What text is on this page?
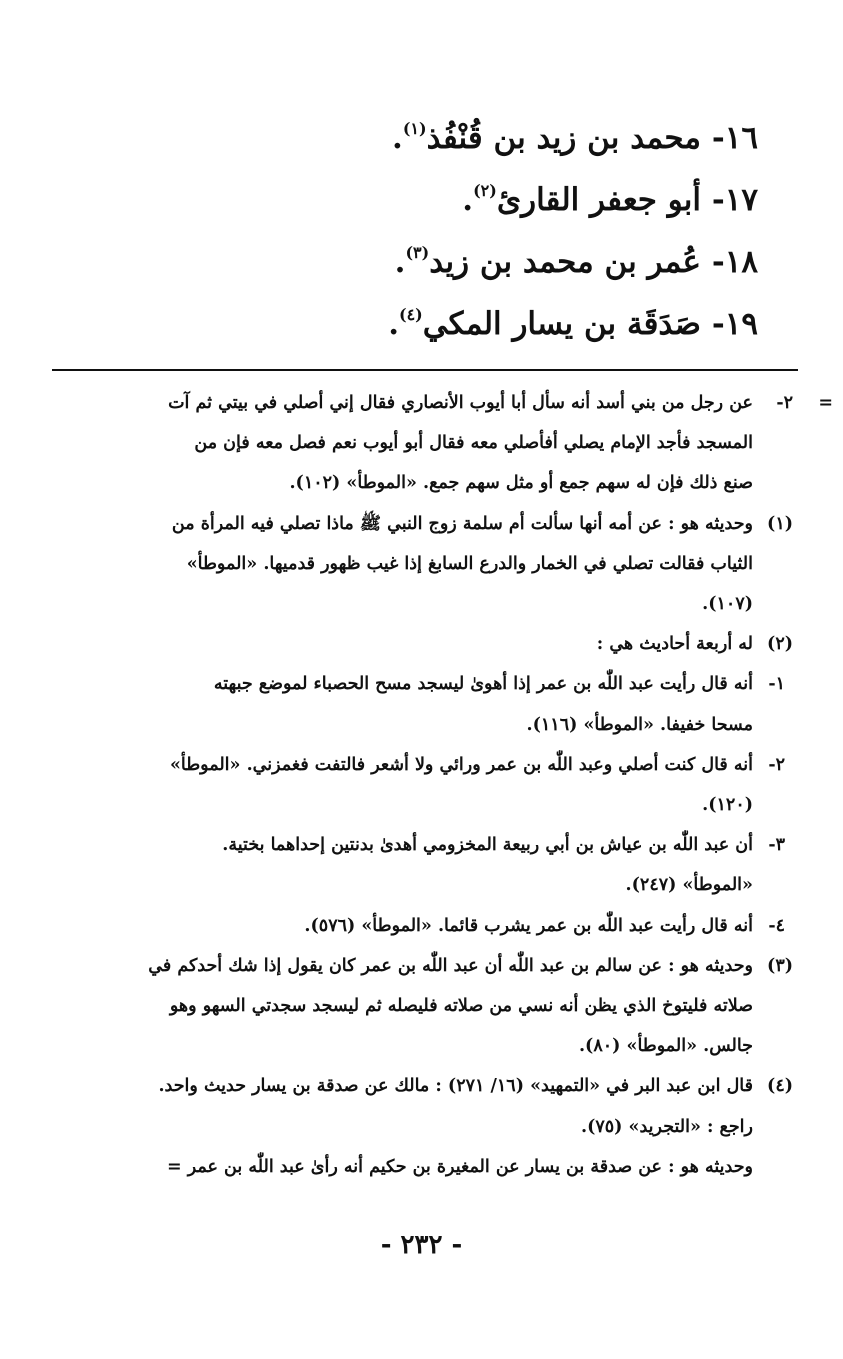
١٦- محمد بن زيد بن قُنْفُذ$^{(١)}$.
١٧- أبو جعفر القارئ$^{(٢)}$.
١٨- عُمر بن محمد بن زيد$^{(٣)}$.
١٩- صَدَقَة بن يسار المكي$^{(٤)}$.
=
٢-
عن رجل من بني أسد أنه سأل أبا أيوب الأنصاري فقال إني أصلي في بيتي ثم آت
المسجد فأجد الإمام يصلي أفأصلي معه فقال أبو أيوب نعم فصل معه فإن من
صنع ذلك فإن له سهم جمع أو مثل سهم جمع. «الموطأ» (١٠٢).
(١)
وحديثه هو : عن أمه أنها سألت أم سلمة زوج النبي ﷺ ماذا تصلي فيه المرأة من
الثياب فقالت تصلي في الخمار والدرع السابغ إذا غيب ظهور قدميها. «الموطأ»
(١٠٧).
(٢)
له أربعة أحاديث هي :
١-
أنه قال رأيت عبد اللّٰه بن عمر إذا أهوىٰ ليسجد مسح الحصباء لموضع جبهته
مسحا خفيفا. «الموطأ» (١١٦).
٢-
أنه قال كنت أصلي وعبد اللّٰه بن عمر ورائي ولا أشعر فالتفت فغمزني. «الموطأ»
(١٢٠).
٣-
أن عبد اللّٰه بن عياش بن أبي ربيعة المخزومي أهدىٰ بدنتين إحداهما بختية.
«الموطأ» (٢٤٧).
٤-
أنه قال رأيت عبد اللّٰه بن عمر يشرب قائما. «الموطأ» (٥٧٦).
(٣)
وحديثه هو : عن سالم بن عبد اللّٰه أن عبد اللّٰه بن عمر كان يقول إذا شك أحدكم في
صلاته فليتوخ الذي يظن أنه نسي من صلاته فليصله ثم ليسجد سجدتي السهو وهو
جالس. «الموطأ» (٨٠).
(٤)
قال ابن عبد البر في «التمهيد» (١٦/ ٢٧١) : مالك عن صدقة بن يسار حديث واحد.
راجع : «التجريد» (٧٥).
وحديثه هو : عن صدقة بن يسار عن المغيرة بن حكيم أنه رأىٰ عبد اللّٰه بن عمر =
- ٢٣٢ -
